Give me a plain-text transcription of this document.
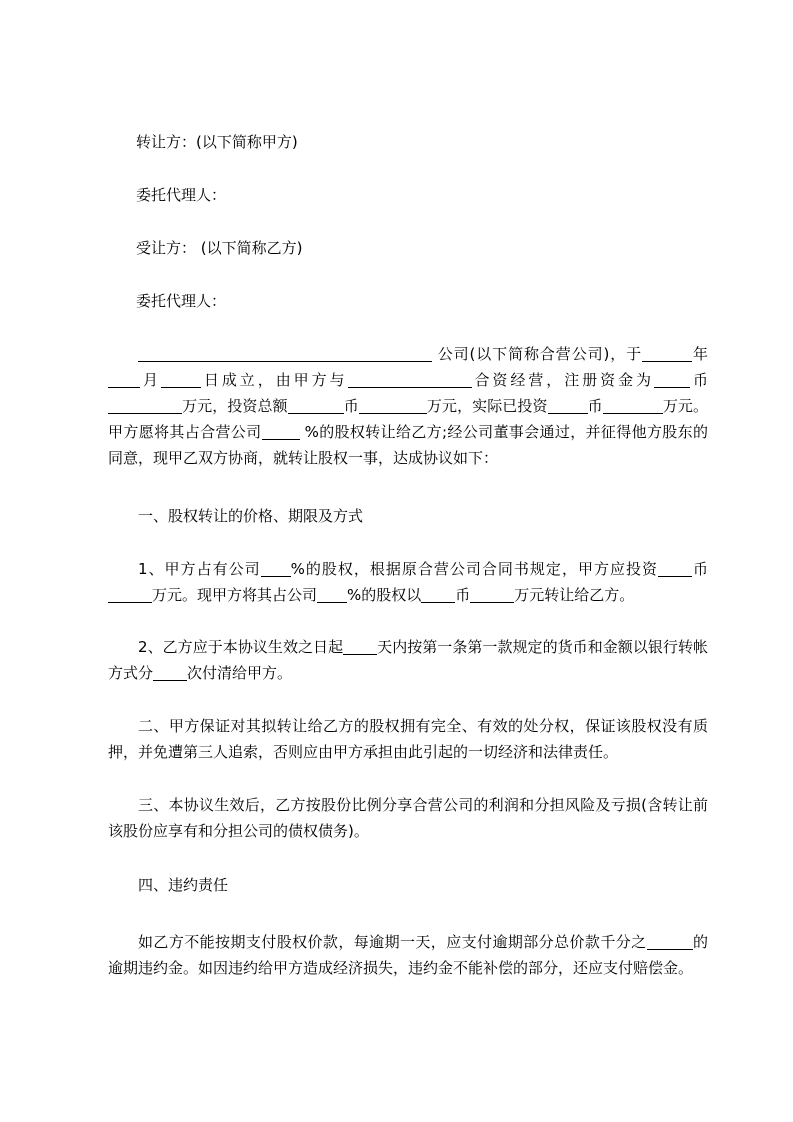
转让方：(以下简称甲方)
委托代理人：
受让方： (以下简称乙方)
委托代理人：
公司(以下简称合营公司)，于	年月	日成立，由甲方与	合资经营，注册资金为 币 万元，投资总额	币	万元，实际已投资	币	万元。甲方愿将其占合营公司	%的股权转让给乙方;经公司董事会通过，并征得他方股东的同意，现甲乙双方协商，就转让股权一事，达成协议如下：
一、股权转让的价格、期限及方式
1、甲方占有公司 %的股权，根据原合营公司合同书规定，甲方应投资 币万元。现甲方将其占公司 %的股权以 币	万元转让给乙方。
2、乙方应于本协议生效之日起 天内按第一条第一款规定的货币和金额以银行转帐方式分 次付清给甲方。
二、甲方保证对其拟转让给乙方的股权拥有完全、有效的处分权，保证该股权没有质押，并免遭第三人追索，否则应由甲方承担由此引起的一切经济和法律责任。
三、本协议生效后，乙方按股份比例分享合营公司的利润和分担风险及亏损(含转让前该股份应享有和分担公司的债权债务)。
四、违约责任
如乙方不能按期支付股权价款，每逾期一天，应支付逾期部分总价款千分之	的逾期违约金。如因违约给甲方造成经济损失，违约金不能补偿的部分，还应支付赔偿金。
